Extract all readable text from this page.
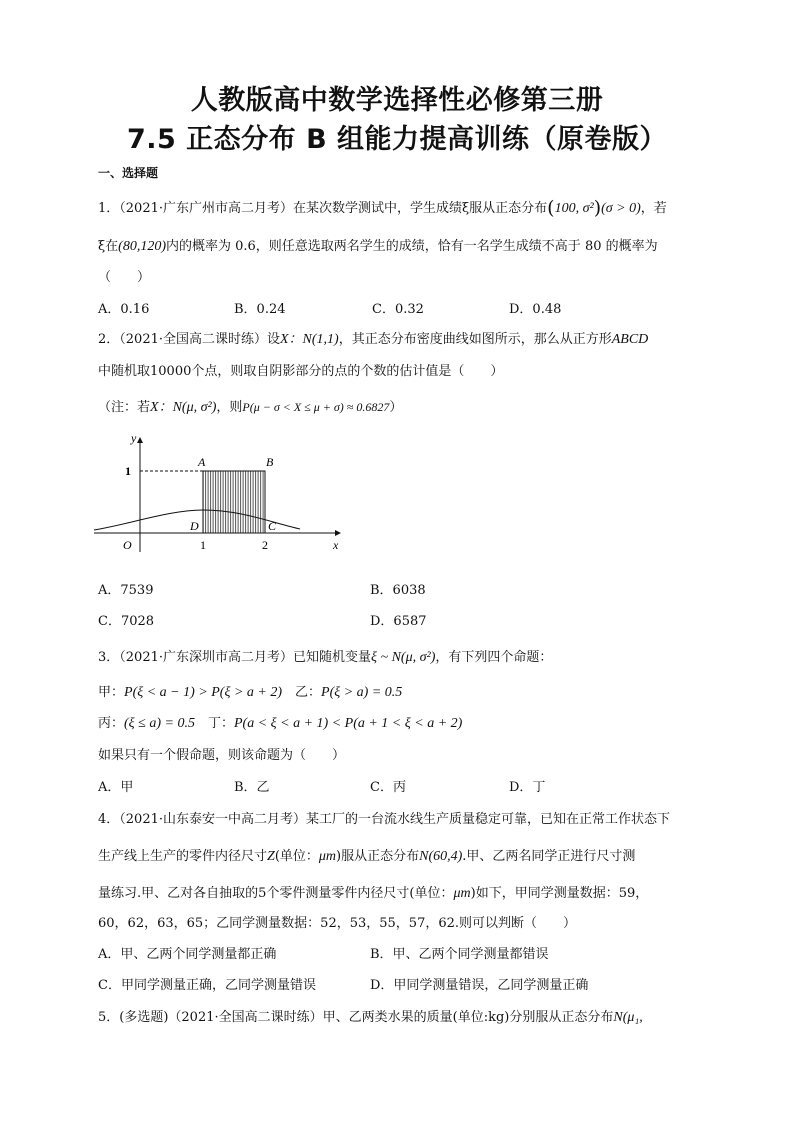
人教版高中数学选择性必修第三册
7.5 正态分布 B 组能力提高训练（原卷版）
一、选择题
1．（2021·广东广州市高二月考）在某次数学测试中，学生成绩ξ服从正态分布(100, σ²)(σ > 0)，若
ξ在(80,120)内的概率为 0.6，则任意选取两名学生的成绩，恰有一名学生成绩不高于 80 的概率为
（　　）
A．0.16	B．0.24	C．0.32	D．0.48
2．（2021·全国高二课时练）设X：N(1,1)，其正态分布密度曲线如图所示，那么从正方形ABCD
中随机取10000个点，则取自阴影部分的点的个数的估计值是（　　）
（注：若X：N(μ, σ²)，则P(μ − σ < X ≤ μ + σ) ≈ 0.6827）
y
x
O	1	2
1
A	B
D	C
A．7539	B．6038
C．7028	D．6587
3．（2021·广东深圳市高二月考）已知随机变量ξ ~ N(μ, σ²)，有下列四个命题：
甲：P(ξ < a − 1) > P(ξ > a + 2)　乙：P(ξ > a) = 0.5
丙：(ξ ≤ a) = 0.5　丁：P(a < ξ < a + 1) < P(a + 1 < ξ < a + 2)
如果只有一个假命题，则该命题为（　　）
A．甲	B．乙	C．丙	D．丁
4．（2021·山东泰安一中高二月考）某工厂的一台流水线生产质量稳定可靠，已知在正常工作状态下
生产线上生产的零件内径尺寸Z(单位：μm)服从正态分布N(60,4).甲、乙两名同学正进行尺寸测
量练习.甲、乙对各自抽取的5个零件测量零件内径尺寸(单位：μm)如下，甲同学测量数据：59，
60，62，63，65；乙同学测量数据：52，53，55，57，62.则可以判断（　　）
A．甲、乙两个同学测量都正确	B．甲、乙两个同学测量都错误
C．甲同学测量正确，乙同学测量错误	D．甲同学测量错误，乙同学测量正确
5．(多选题)（2021·全国高二课时练）甲、乙两类水果的质量(单位:kg)分别服从正态分布N(μ₁,
